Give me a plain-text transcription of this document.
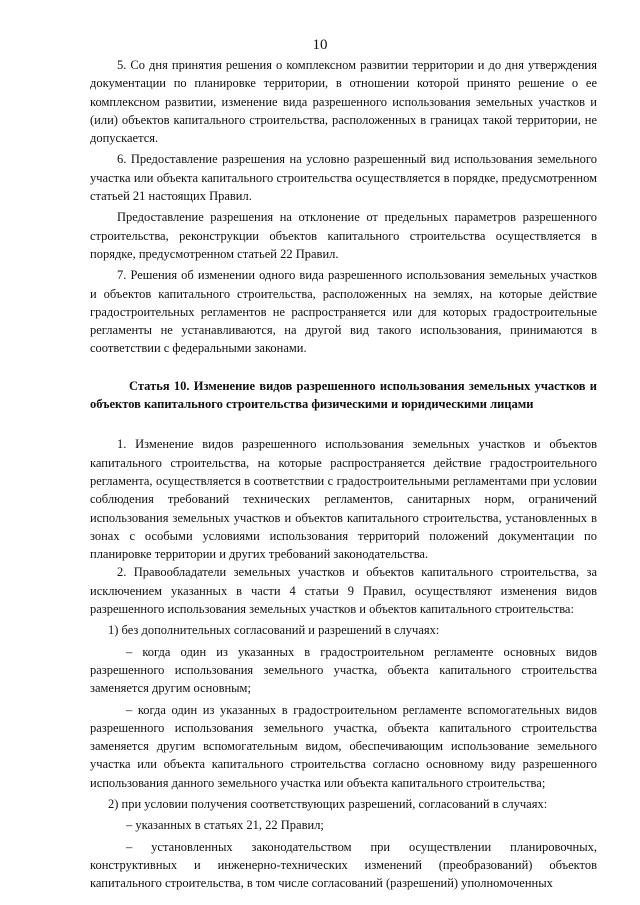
10

5. Со дня принятия решения о комплексном развитии территории и до дня утверждения документации по планировке территории, в отношении которой принято решение о ее комплексном развитии, изменение вида разрешенного использования земельных участков и (или) объектов капитального строительства, расположенных в границах такой территории, не допускается.

6. Предоставление разрешения на условно разрешенный вид использования земельного участка или объекта капитального строительства осуществляется в порядке, предусмотренном статьей 21 настоящих Правил.

Предоставление разрешения на отклонение от предельных параметров разрешенного строительства, реконструкции объектов капитального строительства осуществляется в порядке, предусмотренном статьей 22 Правил.

7. Решения об изменении одного вида разрешенного использования земельных участков и объектов капитального строительства, расположенных на землях, на которые действие градостроительных регламентов не распространяется или для которых градостроительные регламенты не устанавливаются, на другой вид такого использования, принимаются в соответствии с федеральными законами.

Статья 10. Изменение видов разрешенного использования земельных участков и объектов капитального строительства физическими и юридическими лицами

1. Изменение видов разрешенного использования земельных участков и объектов капитального строительства, на которые распространяется действие градостроительного регламента, осуществляется в соответствии с градостроительными регламентами при условии соблюдения требований технических регламентов, санитарных норм, ограничений использования земельных участков и объектов капитального строительства, установленных в зонах с особыми условиями использования территорий положений документации по планировке территории и других требований законодательства.

2. Правообладатели земельных участков и объектов капитального строительства, за исключением указанных в части 4 статьи 9 Правил, осуществляют изменения видов разрешенного использования земельных участков и объектов капитального строительства:

1) без дополнительных согласований и разрешений в случаях:

– когда один из указанных в градостроительном регламенте основных видов разрешенного использования земельного участка, объекта капитального строительства заменяется другим основным;

– когда один из указанных в градостроительном регламенте вспомогательных видов разрешенного использования земельного участка, объекта капитального строительства заменяется другим вспомогательным видом, обеспечивающим использование земельного участка или объекта капитального строительства согласно основному виду разрешенного использования данного земельного участка или объекта капитального строительства;

2) при условии получения соответствующих разрешений, согласований в случаях:

– указанных в статьях 21, 22 Правил;

– установленных законодательством при осуществлении планировочных, конструктивных и инженерно-технических изменений (преобразований) объектов капитального строительства, в том числе согласований (разрешений) уполномоченных
